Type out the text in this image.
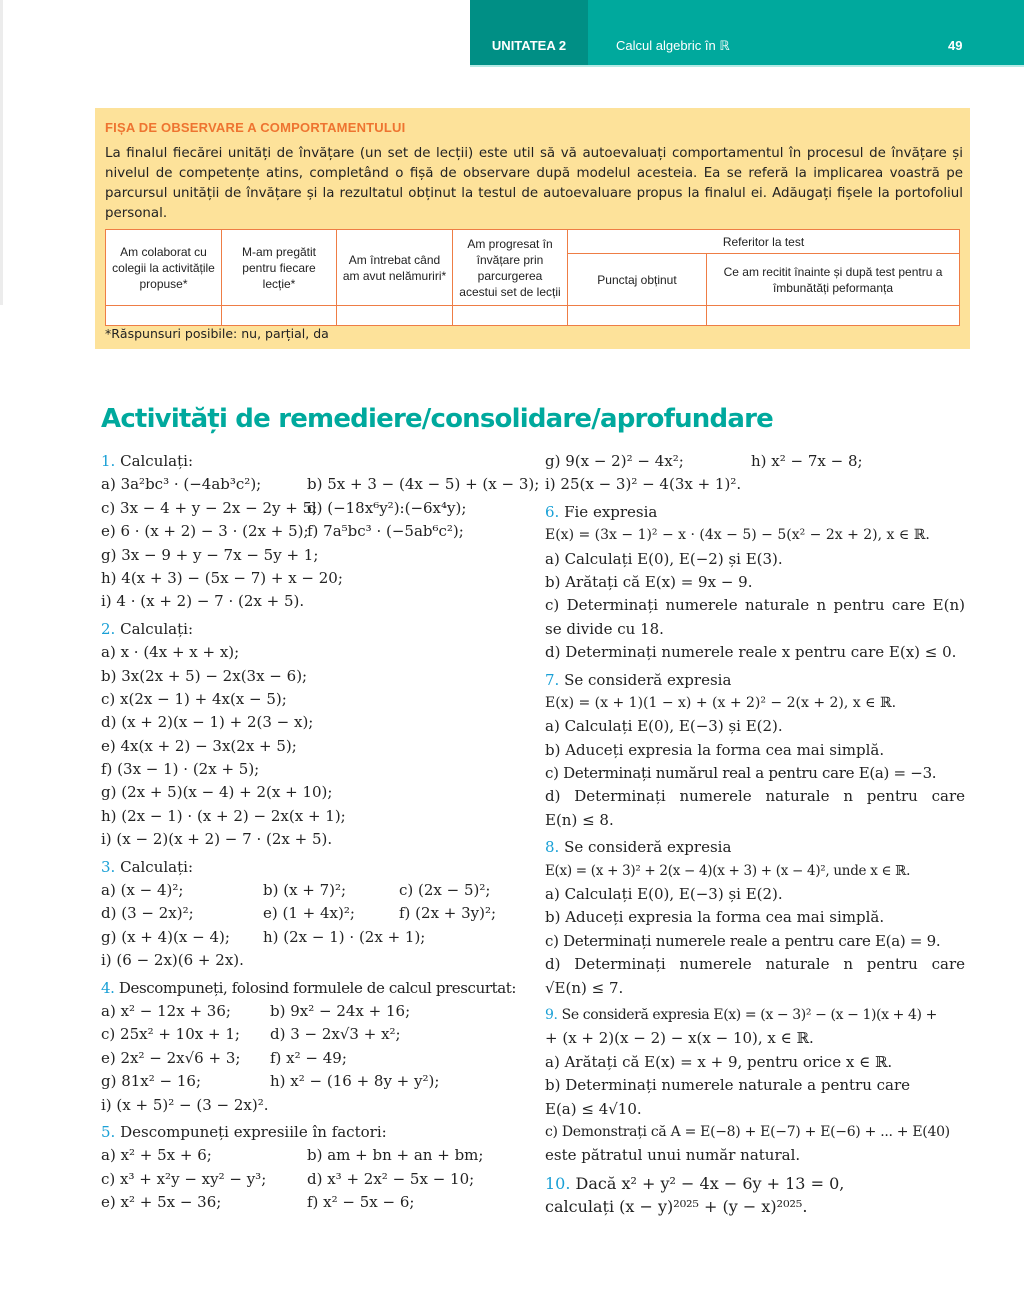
UNITATEA 2	Calcul algebric în ℝ	49
FIȘA DE OBSERVARE A COMPORTAMENTULUI
La finalul fiecărei unități de învățare (un set de lecții) este util să vă autoevaluați comportamentul în procesul de învățare și nivelul de competențe atins, completând o fișă de observare după modelul acesteia. Ea se referă la implicarea voastră pe parcursul unității de învățare și la rezultatul obținut la testul de autoevaluare propus la finalul ei. Adăugați fișele la portofoliul personal.
Am colaborat cu colegii la activitățile propuse*	M-am pregătit pentru fiecare lecție*	Am întrebat când am avut nelămuriri*	Am progresat în învățare prin parcurgerea acestui set de lecții	Referitor la test	
				Punctaj obținut	Ce am recitit înainte și după test pentru a îmbunătăți peformanța

*Răspunsuri posibile: nu, parțial, da
Activități de remediere/consolidare/aprofundare
1. Calculați:
a) 3a²bc³ · (−4ab³c²);	b) 5x + 3 − (4x − 5) + (x − 3);
c) 3x − 4 + y − 2x − 2y + 5;
d) (−18x⁶y²):(−6x⁴y);
e) 6 · (x + 2) − 3 · (2x + 5);
f) 7a⁵bc³ · (−5ab⁶c²);
g) 3x − 9 + y − 7x − 5y + 1;
h) 4(x + 3) − (5x − 7) + x − 20;
i) 4 · (x + 2) − 7 · (2x + 5).
2. Calculați:
a) x · (4x + x + x);
b) 3x(2x + 5) − 2x(3x − 6);
c) x(2x − 1) + 4x(x − 5);
d) (x + 2)(x − 1) + 2(3 − x);
e) 4x(x + 2) − 3x(2x + 5);
f) (3x − 1) · (2x + 5);
g) (2x + 5)(x − 4) + 2(x + 10);
h) (2x − 1) · (x + 2) − 2x(x + 1);
i) (x − 2)(x + 2) − 7 · (2x + 5).
3. Calculați:
a) (x − 4)²;	b) (x + 7)²;	c) (2x − 5)²;
d) (3 − 2x)²;	e) (1 + 4x)²;	f) (2x + 3y)²;
g) (x + 4)(x − 4); h) (2x − 1) · (2x + 1);
i) (6 − 2x)(6 + 2x).
4. Descompuneți, folosind formulele de calcul prescurtat:
a) x² − 12x + 36;	b) 9x² − 24x + 16;
c) 25x² + 10x + 1; d) 3 − 2x√3 + x²;
e) 2x² − 2x√6 + 3; f) x² − 49;
g) 81x² − 16;	h) x² − (16 + 8y + y²);
i) (x + 5)² − (3 − 2x)².
5. Descompuneți expresiile în factori:
a) x² + 5x + 6;	b) am + bn + an + bm;
c) x³ + x²y − xy² − y³;	d) x³ + 2x² − 5x − 10;
e) x² + 5x − 36;	f) x² − 5x − 6;
g) 9(x − 2)² − 4x²;	h) x² − 7x − 8;
i) 25(x − 3)² − 4(3x + 1)².
6. Fie expresia
E(x) = (3x − 1)² − x · (4x − 5) − 5(x² − 2x + 2), x ∈ ℝ.
a) Calculați E(0), E(−2) și E(3).
b) Arătați că E(x) = 9x − 9.
c) Determinați numerele naturale n pentru care E(n)
se divide cu 18.
d) Determinați numerele reale x pentru care E(x) ≤ 0.
7. Se consideră expresia
E(x) = (x + 1)(1 − x) + (x + 2)² − 2(x + 2), x ∈ ℝ.
a) Calculați E(0), E(−3) și E(2).
b) Aduceți expresia la forma cea mai simplă.
c) Determinați numărul real a pentru care E(a) = −3.
d) Determinați numerele naturale n pentru care
E(n) ≤ 8.
8. Se consideră expresia
E(x) = (x + 3)² + 2(x − 4)(x + 3) + (x − 4)², unde x ∈ ℝ.
a) Calculați E(0), E(−3) și E(2).
b) Aduceți expresia la forma cea mai simplă.
c) Determinați numerele reale a pentru care E(a) = 9.
d) Determinați numerele naturale n pentru care
√E(n) ≤ 7.
9. Se consideră expresia E(x) = (x − 3)² − (x − 1)(x + 4) +
+ (x + 2)(x − 2) − x(x − 10), x ∈ ℝ.
a) Arătați că E(x) = x + 9, pentru orice x ∈ ℝ.
b) Determinați numerele naturale a pentru care
E(a) ≤ 4√10.
c) Demonstrați că A = E(−8) + E(−7) + E(−6) + ... + E(40)
este pătratul unui număr natural.
10. Dacă x² + y² − 4x − 6y + 13 = 0,
calculați (x − y)²⁰²⁵ + (y − x)²⁰²⁵.
